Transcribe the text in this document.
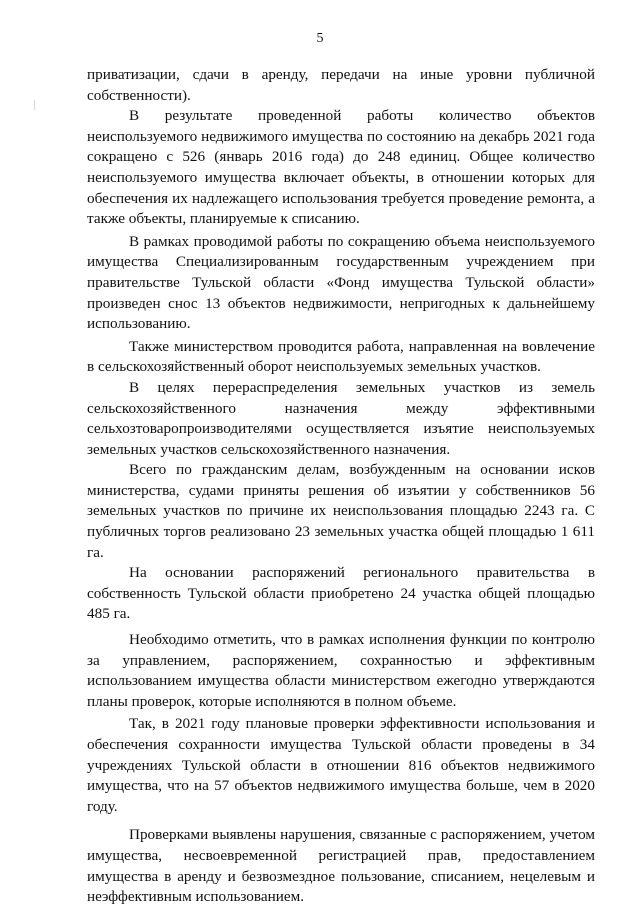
5

приватизации, сдачи в аренду, передачи на иные уровни публичной собственности).

В результате проведенной работы количество объектов неиспользуемого недвижимого имущества по состоянию на декабрь 2021 года сокращено с 526 (январь 2016 года) до 248 единиц. Общее количество неиспользуемого имущества включает объекты, в отношении которых для обеспечения их надлежащего использования требуется проведение ремонта, а также объекты, планируемые к списанию.

В рамках проводимой работы по сокращению объема неиспользуемого имущества Специализированным государственным учреждением при правительстве Тульской области «Фонд имущества Тульской области» произведен снос 13 объектов недвижимости, непригодных к дальнейшему использованию.

Также министерством проводится работа, направленная на вовлечение в сельскохозяйственный оборот неиспользуемых земельных участков.

В целях перераспределения земельных участков из земель сельскохозяйственного назначения между эффективными сельхозтоваропроизводителями осуществляется изъятие неиспользуемых земельных участков сельскохозяйственного назначения.

Всего по гражданским делам, возбужденным на основании исков министерства, судами приняты решения об изъятии у собственников 56 земельных участков по причине их неиспользования площадью 2243 га. С публичных торгов реализовано 23 земельных участка общей площадью 1 611 га.

На основании распоряжений регионального правительства в собственность Тульской области приобретено 24 участка общей площадью 485 га.

Необходимо отметить, что в рамках исполнения функции по контролю за управлением, распоряжением, сохранностью и эффективным использованием имущества области министерством ежегодно утверждаются планы проверок, которые исполняются в полном объеме.

Так, в 2021 году плановые проверки эффективности использования и обеспечения сохранности имущества Тульской области проведены в 34 учреждениях Тульской области в отношении 816 объектов недвижимого имущества, что на 57 объектов недвижимого имущества больше, чем в 2020 году.

Проверками выявлены нарушения, связанные с распоряжением, учетом имущества, несвоевременной регистрацией прав, предоставлением имущества в аренду и безвозмездное пользование, списанием, нецелевым и неэффективным использованием.
